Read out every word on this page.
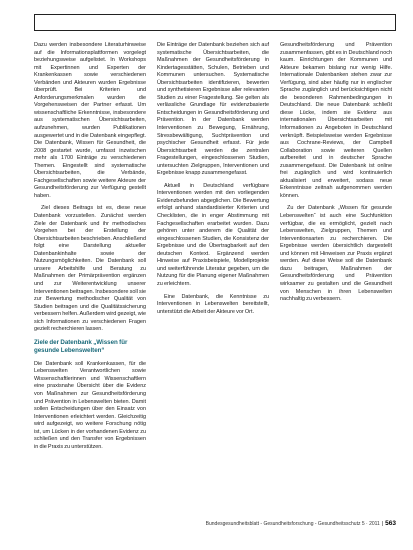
Dazu werden insbesondere Literaturhinweise auf die Informationsplattformen vorgelegt beziehungsweise aufgelistet. In Workshops mit Expertinnen und Experten der Krankenkassen sowie verschiedenen Verbänden und Akteuren wurden Ergebnisse überprüft. Bei Kriterien und Anforderungsmerkmalen wurden die Vorgehensweisen der Partner erfasst. Um wissenschaftliche Erkenntnisse, insbesondere aus systematischen Übersichtsarbeiten, aufzunehmen, wurden Publikationen ausgewertet und in die Datenbank eingepflegt. Die Datenbank, Wissen für Gesundheit, die 2008 gestartet wurde, umfasst inzwischen mehr als 1700 Einträge zu verschiedenen Themen. Eingestellt sind systematische Übersichtsarbeiten, die Verbände, Fachgesellschaften sowie weitere Akteure der Gesundheitsförderung zur Verfügung gestellt haben.

Ziel dieses Beitrags ist es, diese neue Datenbank vorzustellen. Zunächst werden Ziele der Datenbank und ihr methodisches Vorgehen bei der Erstellung der Übersichtsarbeiten beschrieben. Anschließend folgt eine Darstellung aktueller Datenbankinhalte sowie der Nutzungsmöglichkeiten. Die Datenbank soll unsere Arbeitshilfe und Beratung zu Maßnahmen der Primärprävention ergänzen und zur Weiterentwicklung unserer Interventionen beitragen. Insbesondere soll sie zur Bewertung methodischer Qualität von Studien beitragen und die Qualitätssicherung verbessern helfen. Außerdem wird gezeigt, wie sich Informationen zu verschiedenen Fragen gezielt recherchieren lassen.

Ziele der Datenbank „Wissen für gesunde Lebenswelten“

Die Datenbank soll Krankenkassen, für die Lebenswelten Verantwortlichen sowie Wissenschaftlerinnen und Wissenschaftlern eine praxisnahe Übersicht über die Evidenz von Maßnahmen zur Gesundheitsförderung und Prävention in Lebenswelten bieten. Damit sollen Entscheidungen über den Einsatz von Interventionen erleichtert werden. Gleichzeitig wird aufgezeigt, wo weitere Forschung nötig ist, um Lücken in der vorhandenen Evidenz zu schließen und den Transfer von Ergebnissen in die Praxis zu unterstützen.

Die Einträge der Datenbank beziehen sich auf systematische Übersichtsarbeiten, die Maßnahmen der Gesundheitsförderung in Kindertagesstätten, Schulen, Betrieben und Kommunen untersuchen. Systematische Übersichtsarbeiten identifizieren, bewerten und synthetisieren Ergebnisse aller relevanten Studien zu einer Fragestellung. Sie gelten als verlässliche Grundlage für evidenzbasierte Entscheidungen in Gesundheitsförderung und Prävention. In der Datenbank werden Interventionen zu Bewegung, Ernährung, Stressbewältigung, Suchtprävention und psychischer Gesundheit erfasst. Für jede Übersichtsarbeit werden die zentralen Fragestellungen, eingeschlossenen Studien, untersuchten Zielgruppen, Interventionen und Ergebnisse knapp zusammengefasst.

Aktuell in Deutschland verfügbare Interventionen werden mit den vorliegenden Evidenzbefunden abgeglichen. Die Bewertung erfolgt anhand standardisierter Kriterien und Checklisten, die in enger Abstimmung mit Fachgesellschaften erarbeitet wurden. Dazu gehören unter anderem die Qualität der eingeschlossenen Studien, die Konsistenz der Ergebnisse und die Übertragbarkeit auf den deutschen Kontext. Ergänzend werden Hinweise auf Praxisbeispiele, Modellprojekte und weiterführende Literatur gegeben, um die Nutzung für die Planung eigener Maßnahmen zu erleichtern.

Eine Datenbank, die Kenntnisse zu Interventionen in Lebenswelten bereitstellt, unterstützt die Arbeit der Akteure vor Ort.

Gesundheitsförderung und Prävention zusammenfassen, gibt es in Deutschland noch kaum. Einrichtungen der Kommunen und Akteure bekamen bislang nur wenig Hilfe. Internationale Datenbanken stehen zwar zur Verfügung, sind aber häufig nur in englischer Sprache zugänglich und berücksichtigen nicht die besonderen Rahmenbedingungen in Deutschland. Die neue Datenbank schließt diese Lücke, indem sie Evidenz aus internationalen Übersichtsarbeiten mit Informationen zu Angeboten in Deutschland verknüpft. Beispielsweise werden Ergebnisse aus Cochrane-Reviews, der Campbell Collaboration sowie weiteren Quellen aufbereitet und in deutscher Sprache zusammengefasst. Die Datenbank ist online frei zugänglich und wird kontinuierlich aktualisiert und erweitert, sodass neue Erkenntnisse zeitnah aufgenommen werden können.

Zu der Datenbank „Wissen für gesunde Lebenswelten“ ist auch eine Suchfunktion verfügbar, die es ermöglicht, gezielt nach Lebenswelten, Zielgruppen, Themen und Interventionsarten zu recherchieren. Die Ergebnisse werden übersichtlich dargestellt und können mit Hinweisen zur Praxis ergänzt werden. Auf diese Weise soll die Datenbank dazu beitragen, Maßnahmen der Gesundheitsförderung und Prävention wirksamer zu gestalten und die Gesundheit von Menschen in ihren Lebenswelten nachhaltig zu verbessern.

Bundesgesundheitsblatt - Gesundheitsforschung - Gesundheitsschutz 5 · 2011 | 563
